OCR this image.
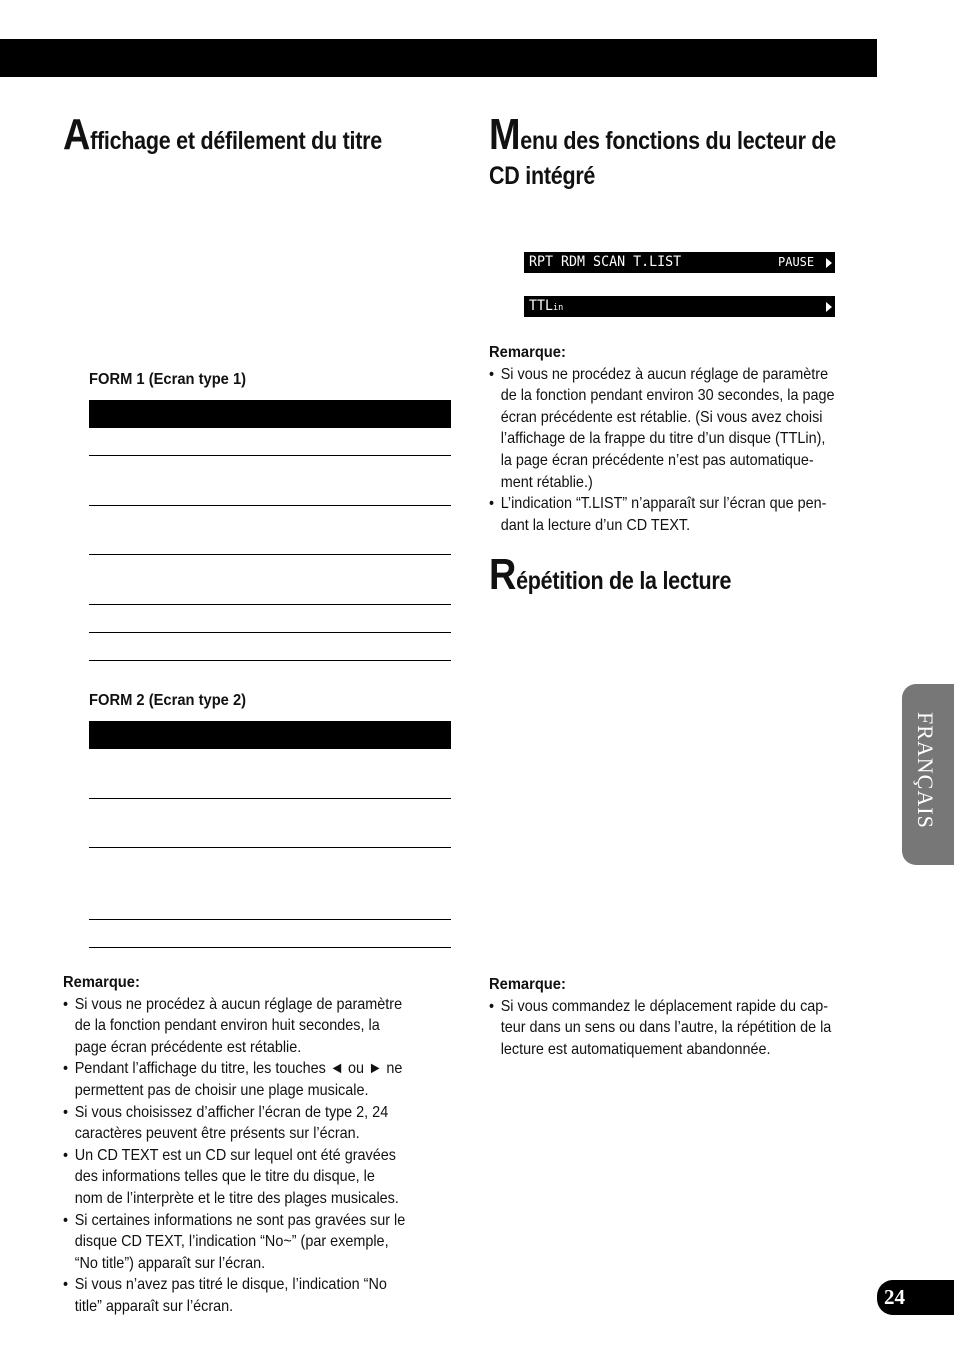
Affichage et défilement du titre
FORM 1 (Ecran type 1)
FORM 2 (Ecran type 2)
Remarque:
• Si vous ne procédez à aucun réglage de paramètre
de la fonction pendant environ huit secondes, la
page écran précédente est rétablie.
• Pendant l’affichage du titre, les touches ◄ ou ► ne
permettent pas de choisir une plage musicale.
• Si vous choisissez d’afficher l’écran de type 2, 24
caractères peuvent être présents sur l’écran.
• Un CD TEXT est un CD sur lequel ont été gravées
des informations telles que le titre du disque, le
nom de l’interprète et le titre des plages musicales.
• Si certaines informations ne sont pas gravées sur le
disque CD TEXT, l’indication “No~” (par exemple,
“No title”) apparaît sur l’écran.
• Si vous n’avez pas titré le disque, l’indication “No
title” apparaît sur l’écran.
Menu des fonctions du lecteur de
CD intégré
RPT RDM SCAN T.LIST	PAUSE
TTLin
Remarque:
• Si vous ne procédez à aucun réglage de paramètre
de la fonction pendant environ 30 secondes, la page
écran précédente est rétablie. (Si vous avez choisi
l’affichage de la frappe du titre d’un disque (TTLin),
la page écran précédente n’est pas automatique-
ment rétablie.)
• L’indication “T.LIST” n’apparaît sur l’écran que pen-
dant la lecture d’un CD TEXT.
Répétition de la lecture
Remarque:
• Si vous commandez le déplacement rapide du cap-
teur dans un sens ou dans l’autre, la répétition de la
lecture est automatiquement abandonnée.
FRANÇAIS
24
